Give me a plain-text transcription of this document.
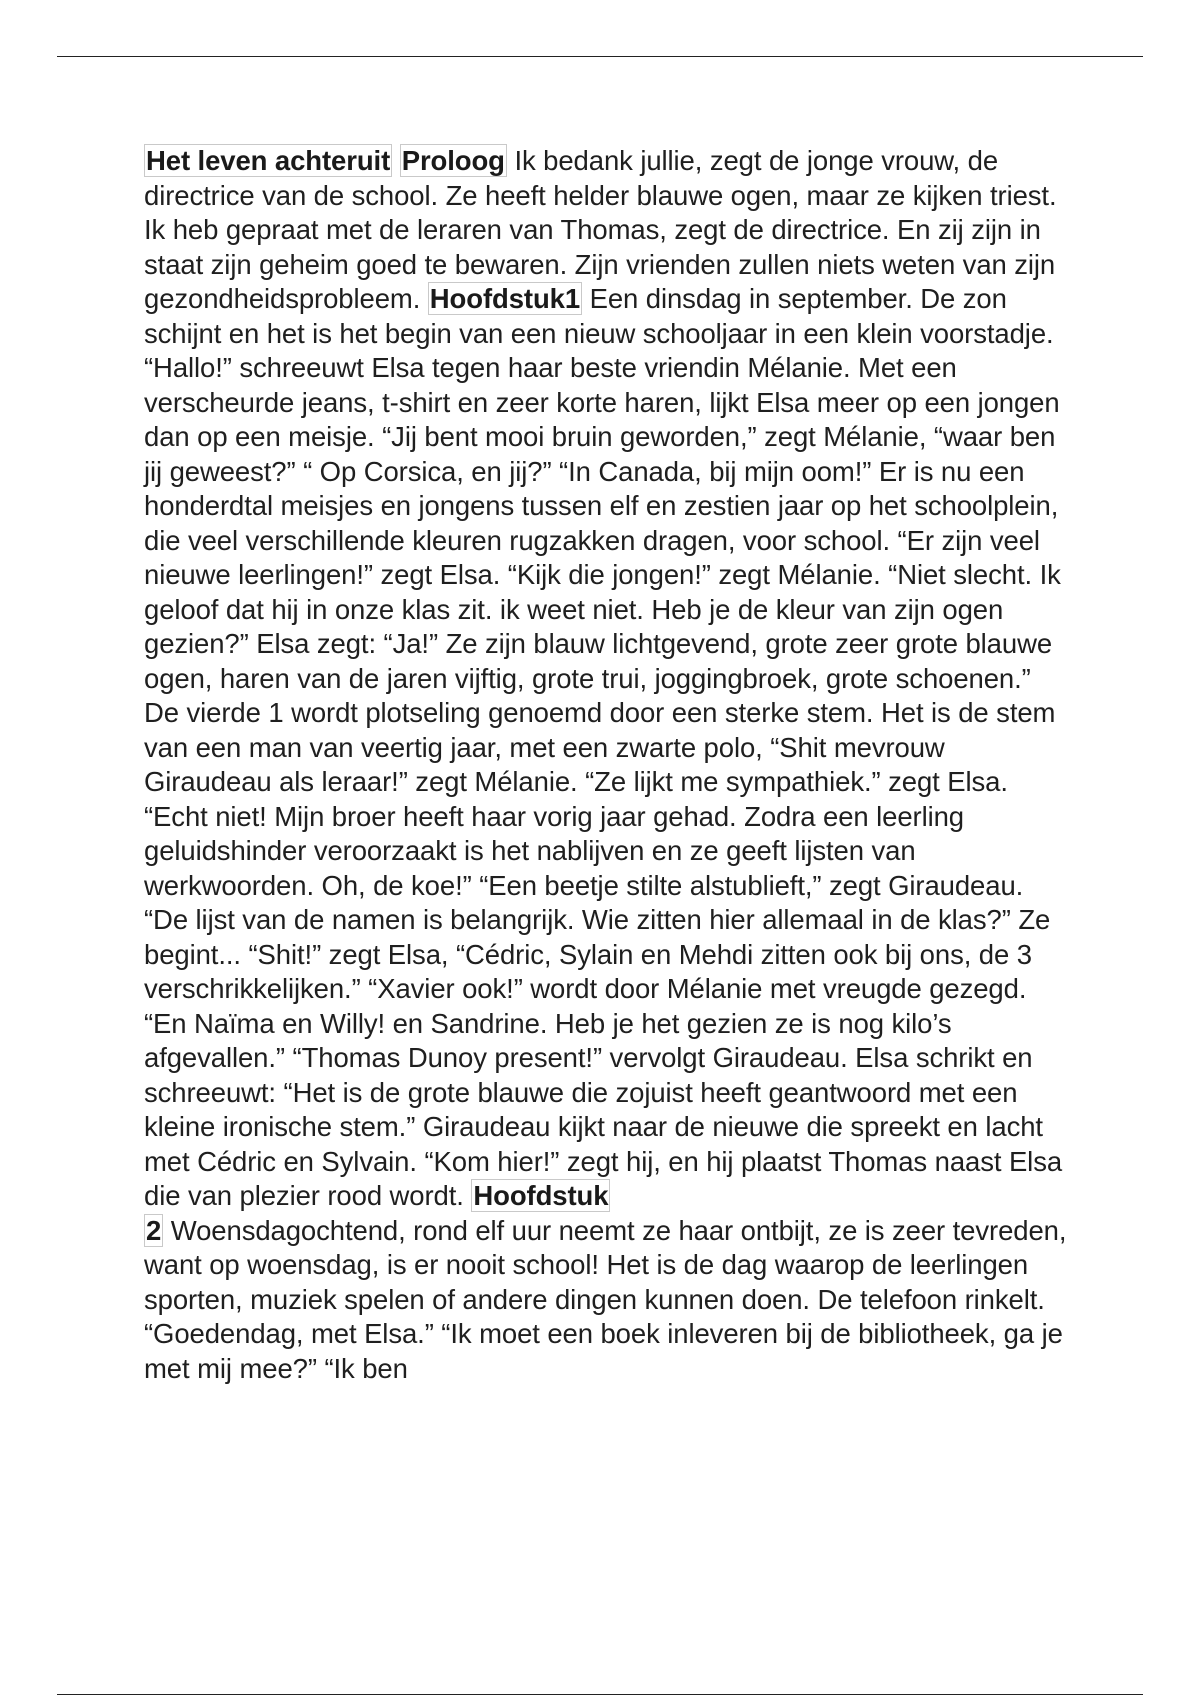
Het leven achteruit Proloog Ik bedank jullie, zegt de jonge vrouw, de directrice van de school. Ze heeft helder blauwe ogen, maar ze kijken triest. Ik heb gepraat met de leraren van Thomas, zegt de directrice. En zij zijn in staat zijn geheim goed te bewaren. Zijn vrienden zullen niets weten van zijn gezondheidsprobleem. Hoofdstuk1 Een dinsdag in september. De zon schijnt en het is het begin van een nieuw schooljaar in een klein voorstadje. “Hallo!” schreeuwt Elsa tegen haar beste vriendin Mélanie. Met een verscheurde jeans, t-shirt en zeer korte haren, lijkt Elsa meer op een jongen dan op een meisje. “Jij bent mooi bruin geworden,” zegt Mélanie, “waar ben jij geweest?” “ Op Corsica, en jij?” “In Canada, bij mijn oom!” Er is nu een honderdtal meisjes en jongens tussen elf en zestien jaar op het schoolplein, die veel verschillende kleuren rugzakken dragen, voor school. “Er zijn veel nieuwe leerlingen!” zegt Elsa. “Kijk die jongen!” zegt Mélanie. “Niet slecht. Ik geloof dat hij in onze klas zit. ik weet niet. Heb je de kleur van zijn ogen gezien?” Elsa zegt: “Ja!” Ze zijn blauw lichtgevend, grote zeer grote blauwe ogen, haren van de jaren vijftig, grote trui, joggingbroek, grote schoenen.” De vierde 1 wordt plotseling genoemd door een sterke stem. Het is de stem van een man van veertig jaar, met een zwarte polo, “Shit mevrouw Giraudeau als leraar!” zegt Mélanie. “Ze lijkt me sympathiek.” zegt Elsa. “Echt niet! Mijn broer heeft haar vorig jaar gehad. Zodra een leerling geluidshinder veroorzaakt is het nablijven en ze geeft lijsten van werkwoorden. Oh, de koe!” “Een beetje stilte alstublieft,” zegt Giraudeau. “De lijst van de namen is belangrijk. Wie zitten hier allemaal in de klas?” Ze begint... “Shit!” zegt Elsa, “Cédric, Sylain en Mehdi zitten ook bij ons, de 3 verschrikkelijken.” “Xavier ook!” wordt door Mélanie met vreugde gezegd. “En Naïma en Willy! en Sandrine. Heb je het gezien ze is nog kilo’s afgevallen.” “Thomas Dunoy present!” vervolgt Giraudeau. Elsa schrikt en schreeuwt: “Het is de grote blauwe die zojuist heeft geantwoord met een kleine ironische stem.” Giraudeau kijkt naar de nieuwe die spreekt en lacht met Cédric en Sylvain. “Kom hier!” zegt hij, en hij plaatst Thomas naast Elsa die van plezier rood wordt. Hoofdstuk
2 Woensdagochtend, rond elf uur neemt ze haar ontbijt, ze is zeer tevreden, want op woensdag, is er nooit school! Het is de dag waarop de leerlingen sporten, muziek spelen of andere dingen kunnen doen. De telefoon rinkelt. “Goedendag, met Elsa.” “Ik moet een boek inleveren bij de bibliotheek, ga je met mij mee?” “Ik ben
